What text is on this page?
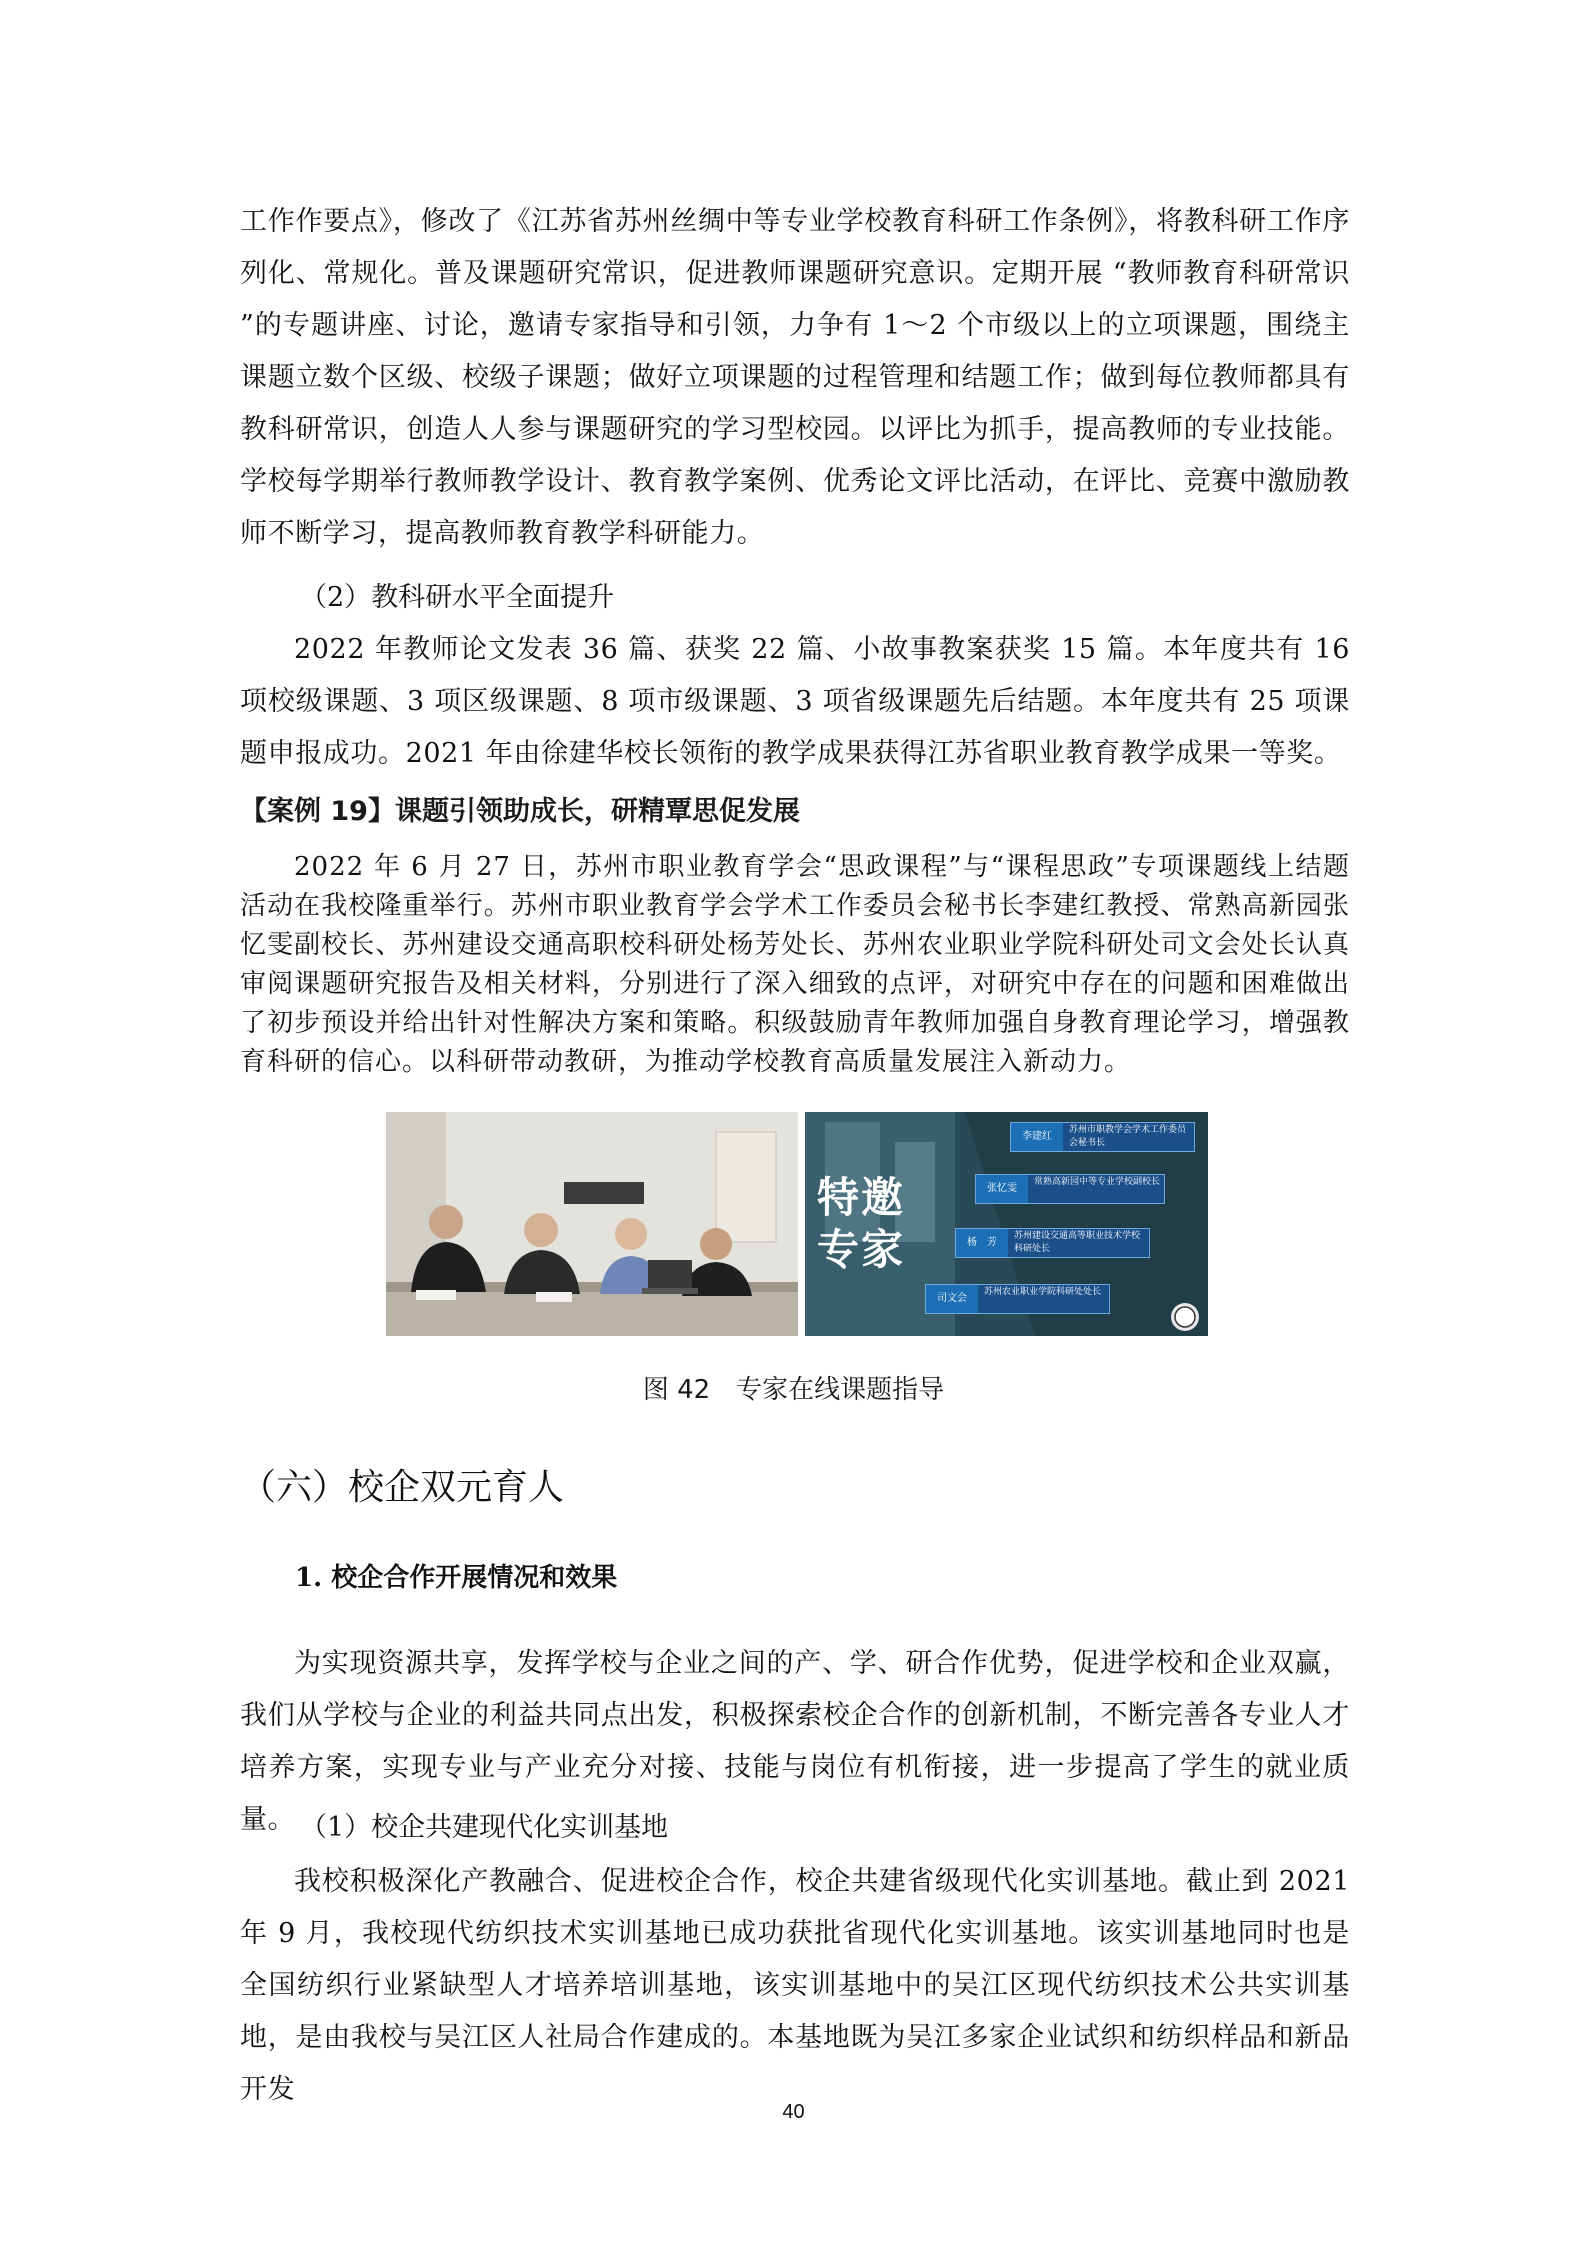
工作作要点》，修改了《江苏省苏州丝绸中等专业学校教育科研工作条例》，将教科研工作序列化、常规化。普及课题研究常识，促进教师课题研究意识。定期开展 “教师教育科研常识 ”的专题讲座、讨论，邀请专家指导和引领，力争有 1～2 个市级以上的立项课题，围绕主课题立数个区级、校级子课题；做好立项课题的过程管理和结题工作；做到每位教师都具有教科研常识，创造人人参与课题研究的学习型校园。以评比为抓手，提高教师的专业技能。学校每学期举行教师教学设计、教育教学案例、优秀论文评比活动，在评比、竞赛中激励教师不断学习，提高教师教育教学科研能力。

（2）教科研水平全面提升

2022 年教师论文发表 36 篇、获奖 22 篇、小故事教案获奖 15 篇。本年度共有 16 项校级课题、3 项区级课题、8 项市级课题、3 项省级课题先后结题。本年度共有 25 项课题申报成功。2021 年由徐建华校长领衔的教学成果获得江苏省职业教育教学成果一等奖。

【案例 19】课题引领助成长，研精覃思促发展

2022 年 6 月 27 日，苏州市职业教育学会“思政课程”与“课程思政”专项课题线上结题活动在我校隆重举行。苏州市职业教育学会学术工作委员会秘书长李建红教授、常熟高新园张忆雯副校长、苏州建设交通高职校科研处杨芳处长、苏州农业职业学院科研处司文会处长认真审阅课题研究报告及相关材料，分别进行了深入细致的点评，对研究中存在的问题和困难做出了初步预设并给出针对性解决方案和策略。积级鼓励青年教师加强自身教育理论学习，增强教育科研的信心。以科研带动教研，为推动学校教育高质量发展注入新动力。

特邀专家
李建红
苏州市职教学会学术工作委员会秘书长
张忆雯
常熟高新园中等专业学校副校长
杨　芳
苏州建设交通高等职业技术学校科研处长
司文会
苏州农业职业学院科研处处长

图 42　专家在线课题指导

（六）校企双元育人

1. 校企合作开展情况和效果

为实现资源共享，发挥学校与企业之间的产、学、研合作优势，促进学校和企业双赢，我们从学校与企业的利益共同点出发，积极探索校企合作的创新机制，不断完善各专业人才培养方案，实现专业与产业充分对接、技能与岗位有机衔接，进一步提高了学生的就业质量。 （1）校企共建现代化实训基地

我校积极深化产教融合、促进校企合作，校企共建省级现代化实训基地。截止到 2021 年 9 月，我校现代纺织技术实训基地已成功获批省现代化实训基地。该实训基地同时也是全国纺织行业紧缺型人才培养培训基地，该实训基地中的吴江区现代纺织技术公共实训基地，是由我校与吴江区人社局合作建成的。本基地既为吴江多家企业试织和纺织样品和新品开发

40
